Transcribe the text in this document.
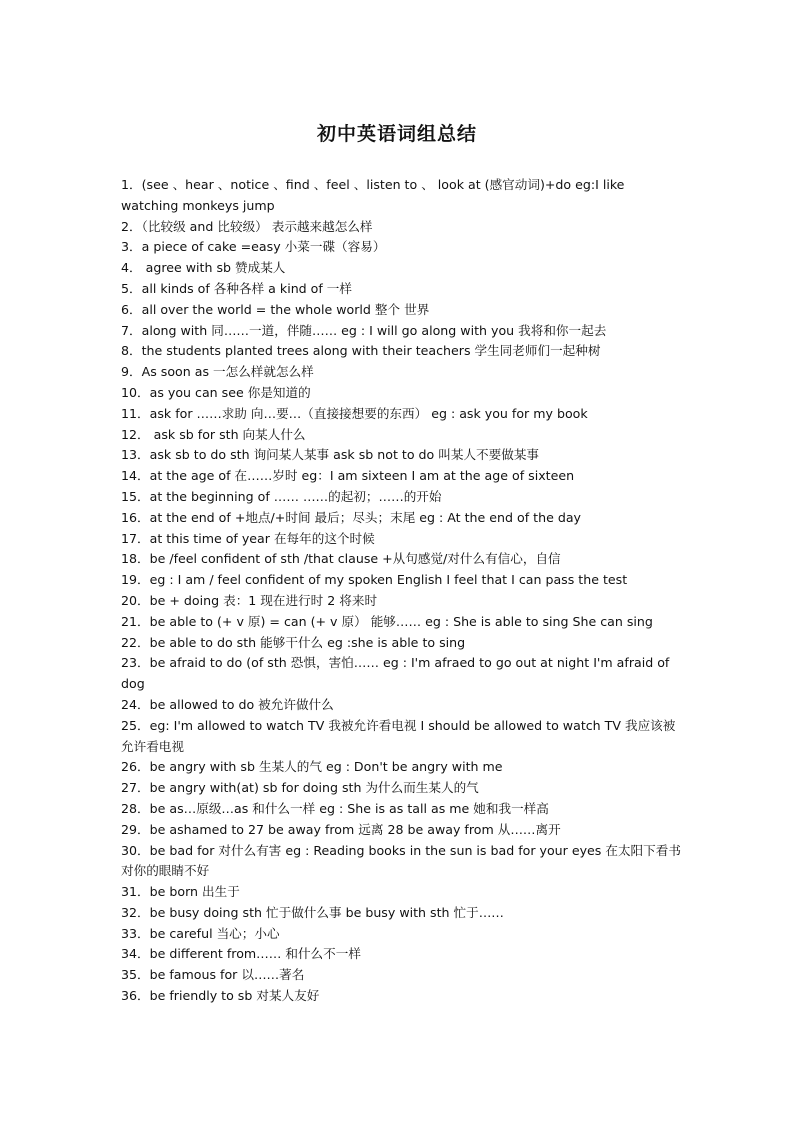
初中英语词组总结
1．(see 、hear 、notice 、find 、feel 、listen to 、 look at (感官动词)+do eg:I like watching monkeys jump
2．（比较级 and 比较级） 表示越来越怎么样
3．a piece of cake =easy 小菜一碟（容易）
4． agree with sb 赞成某人
5．all kinds of 各种各样 a kind of 一样
6．all over the world = the whole world 整个 世界
7．along with 同……一道，伴随…… eg : I will go along with you 我将和你一起去
8．the students planted trees along with their teachers 学生同老师们一起种树
9．As soon as 一怎么样就怎么样
10．as you can see 你是知道的
11．ask for ……求助 向…要…（直接接想要的东西） eg : ask you for my book
12． ask sb for sth 向某人什么
13．ask sb to do sth 询问某人某事 ask sb not to do 叫某人不要做某事
14．at the age of 在……岁时 eg：I am sixteen I am at the age of sixteen
15．at the beginning of …… ……的起初；……的开始
16．at the end of +地点/+时间 最后；尽头；末尾 eg : At the end of the day
17．at this time of year 在每年的这个时候
18．be /feel confident of sth /that clause +从句感觉/对什么有信心，自信
19．eg : I am / feel confident of my spoken English I feel that I can pass the test
20．be + doing 表：1 现在进行时 2 将来时
21．be able to (+ v 原) = can (+ v 原） 能够…… eg : She is able to sing She can sing
22．be able to do sth 能够干什么 eg :she is able to sing
23．be afraid to do (of sth 恐惧，害怕…… eg : I'm afraed to go out at night I'm afraid of dog
24．be allowed to do 被允许做什么
25．eg: I'm allowed to watch TV 我被允许看电视 I should be allowed to watch TV 我应该被允许看电视
26．be angry with sb 生某人的气 eg : Don't be angry with me
27．be angry with(at) sb for doing sth 为什么而生某人的气
28．be as…原级…as 和什么一样 eg : She is as tall as me 她和我一样高
29．be ashamed to 27 be away from 远离 28 be away from 从……离开
30．be bad for 对什么有害 eg : Reading books in the sun is bad for your eyes 在太阳下看书对你的眼睛不好
31．be born 出生于
32．be busy doing sth 忙于做什么事 be busy with sth 忙于……
33．be careful 当心；小心
34．be different from…… 和什么不一样
35．be famous for 以……著名
36．be friendly to sb 对某人友好
